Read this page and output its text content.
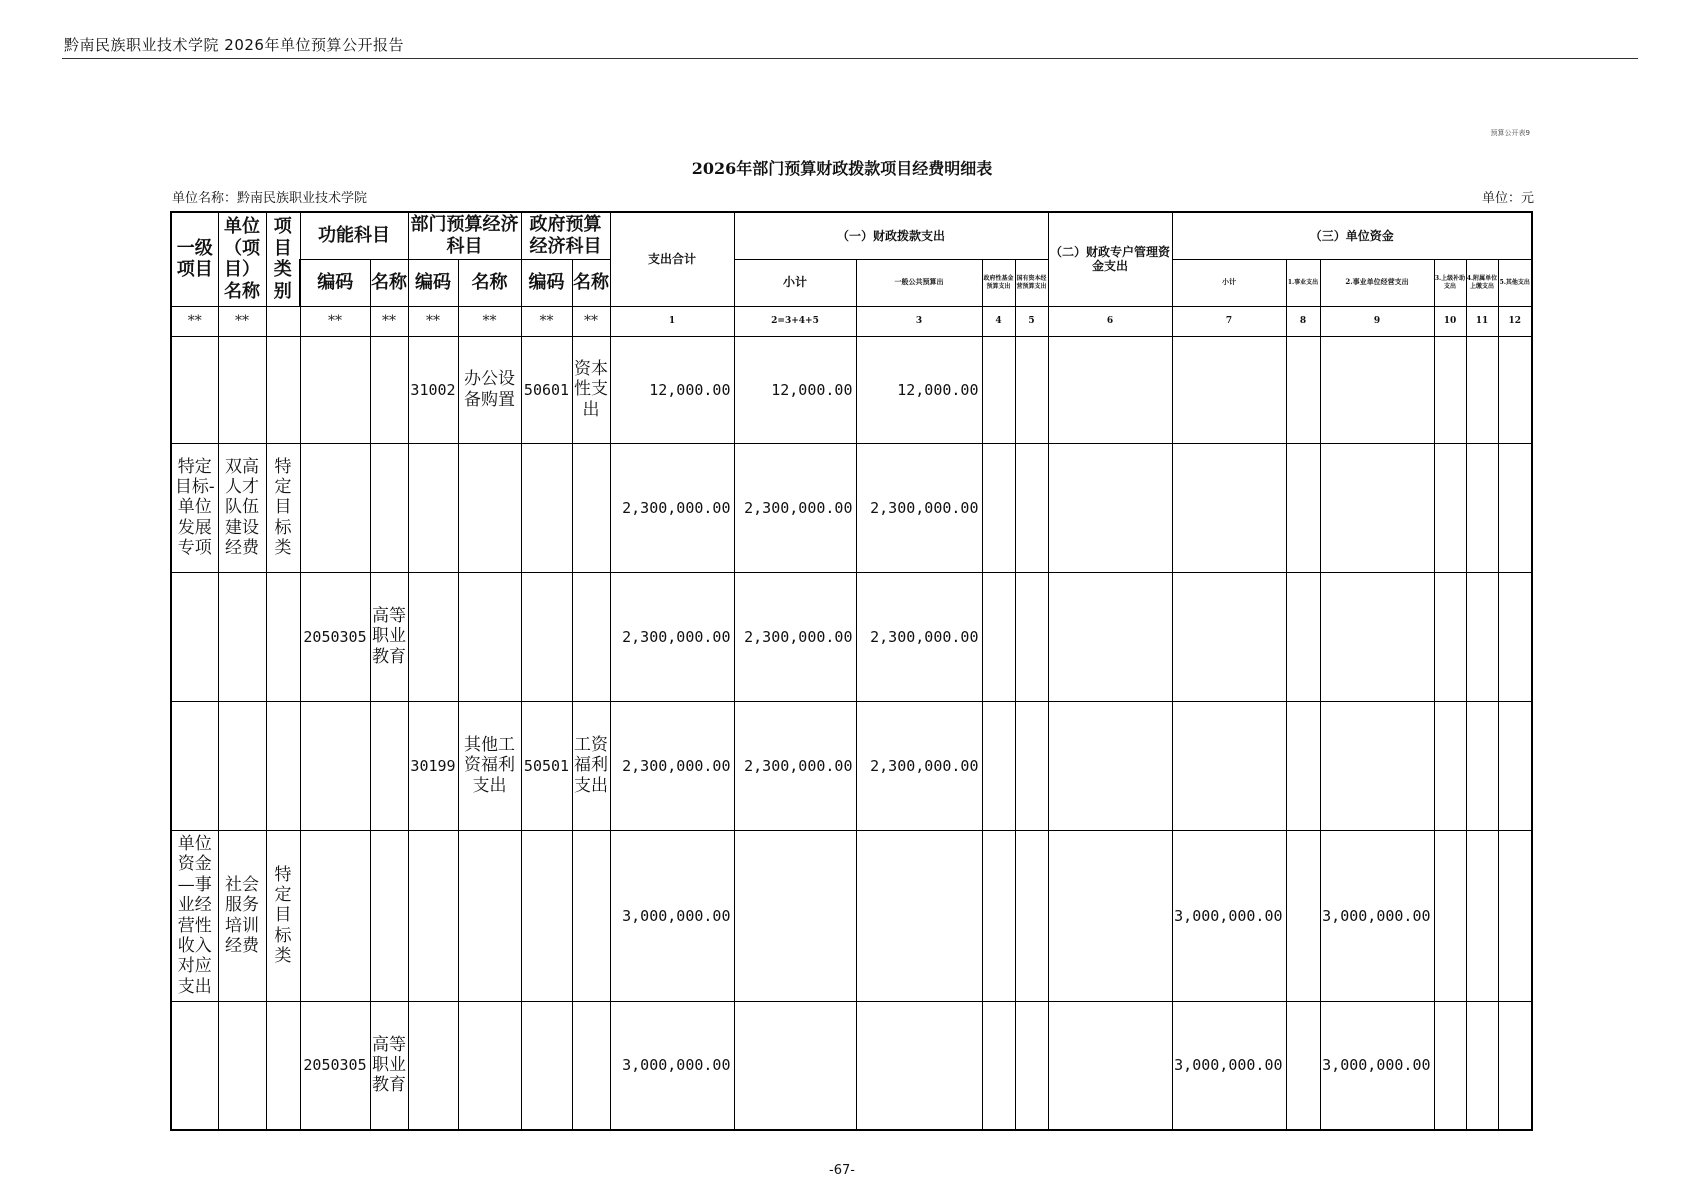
黔南民族职业技术学院 2026年单位预算公开报告
预算公开表9
2026年部门预算财政拨款项目经费明细表
单位名称：黔南民族职业技术学院	单位：元
一级项目	单位（项目）名称	项目类别	功能科目		部门预算经济科目		政府预算经济科目		支出合计	（一）财政拨款支出				（二）财政专户管理资金支出	（三）单位资金					
			编码	名称	编码	名称	编码	名称		小计	一般公共预算出	政府性基金预算支出	国有资本经营预算支出		小计	1.事业支出	2.事业单位经营支出	3.上级补助支出	4.附属单位上缴支出	5.其他支出
**	**		**	**	**	**	**	**	1	2=3+4+5	3	4	5	6	7	8	9	10	11	12
					31002	办公设备购置	50601	资本性支出	12,000.00	12,000.00	12,000.00									
特定目标-单位发展专项	双高人才队伍建设经费	特定目标类							2,300,000.00	2,300,000.00	2,300,000.00									
			2050305	高等职业教育					2,300,000.00	2,300,000.00	2,300,000.00									
					30199	其他工资福利支出	50501	工资福利支出	2,300,000.00	2,300,000.00	2,300,000.00									
单位资金—事业经营性收入对应支出	社会服务培训经费	特定目标类							3,000,000.00						3,000,000.00		3,000,000.00			
			2050305	高等职业教育					3,000,000.00						3,000,000.00		3,000,000.00			
-67-
